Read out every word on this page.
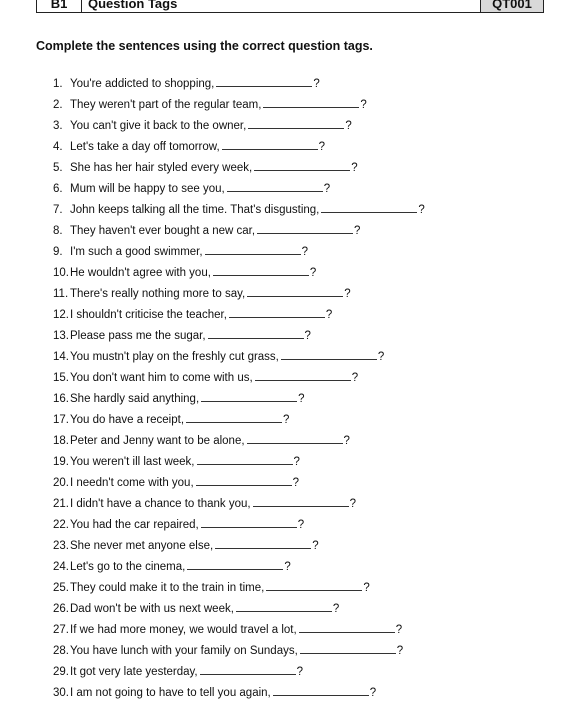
B1	Question Tags	QT001
Complete the sentences using the correct question tags.
1. You're addicted to shopping,	?
2. They weren't part of the regular team,	?
3. You can't give it back to the owner,	?
4. Let's take a day off tomorrow,	?
5. She has her hair styled every week,	?
6. Mum will be happy to see you,	?
7. John keeps talking all the time. That's disgusting,	?
8. They haven't ever bought a new car,	?
9. I'm such a good swimmer,	?
10.He wouldn't agree with you,	?
11. There's really nothing more to say,	?
12.I shouldn't criticise the teacher,	?
13.Please pass me the sugar,	?
14.You mustn't play on the freshly cut grass,	?
15.You don't want him to come with us,	?
16.She hardly said anything,	?
17.You do have a receipt,	?
18.Peter and Jenny want to be alone,	?
19.You weren't ill last week,	?
20.I needn't come with you,	?
21.I didn't have a chance to thank you,	?
22.You had the car repaired,	?
23.She never met anyone else,	?
24.Let's go to the cinema,	?
25.They could make it to the train in time,	?
26.Dad won't be with us next week,	?
27.If we had more money, we would travel a lot,	?
28.You have lunch with your family on Sundays,	?
29.It got very late yesterday,	?
30.I am not going to have to tell you again,	?
